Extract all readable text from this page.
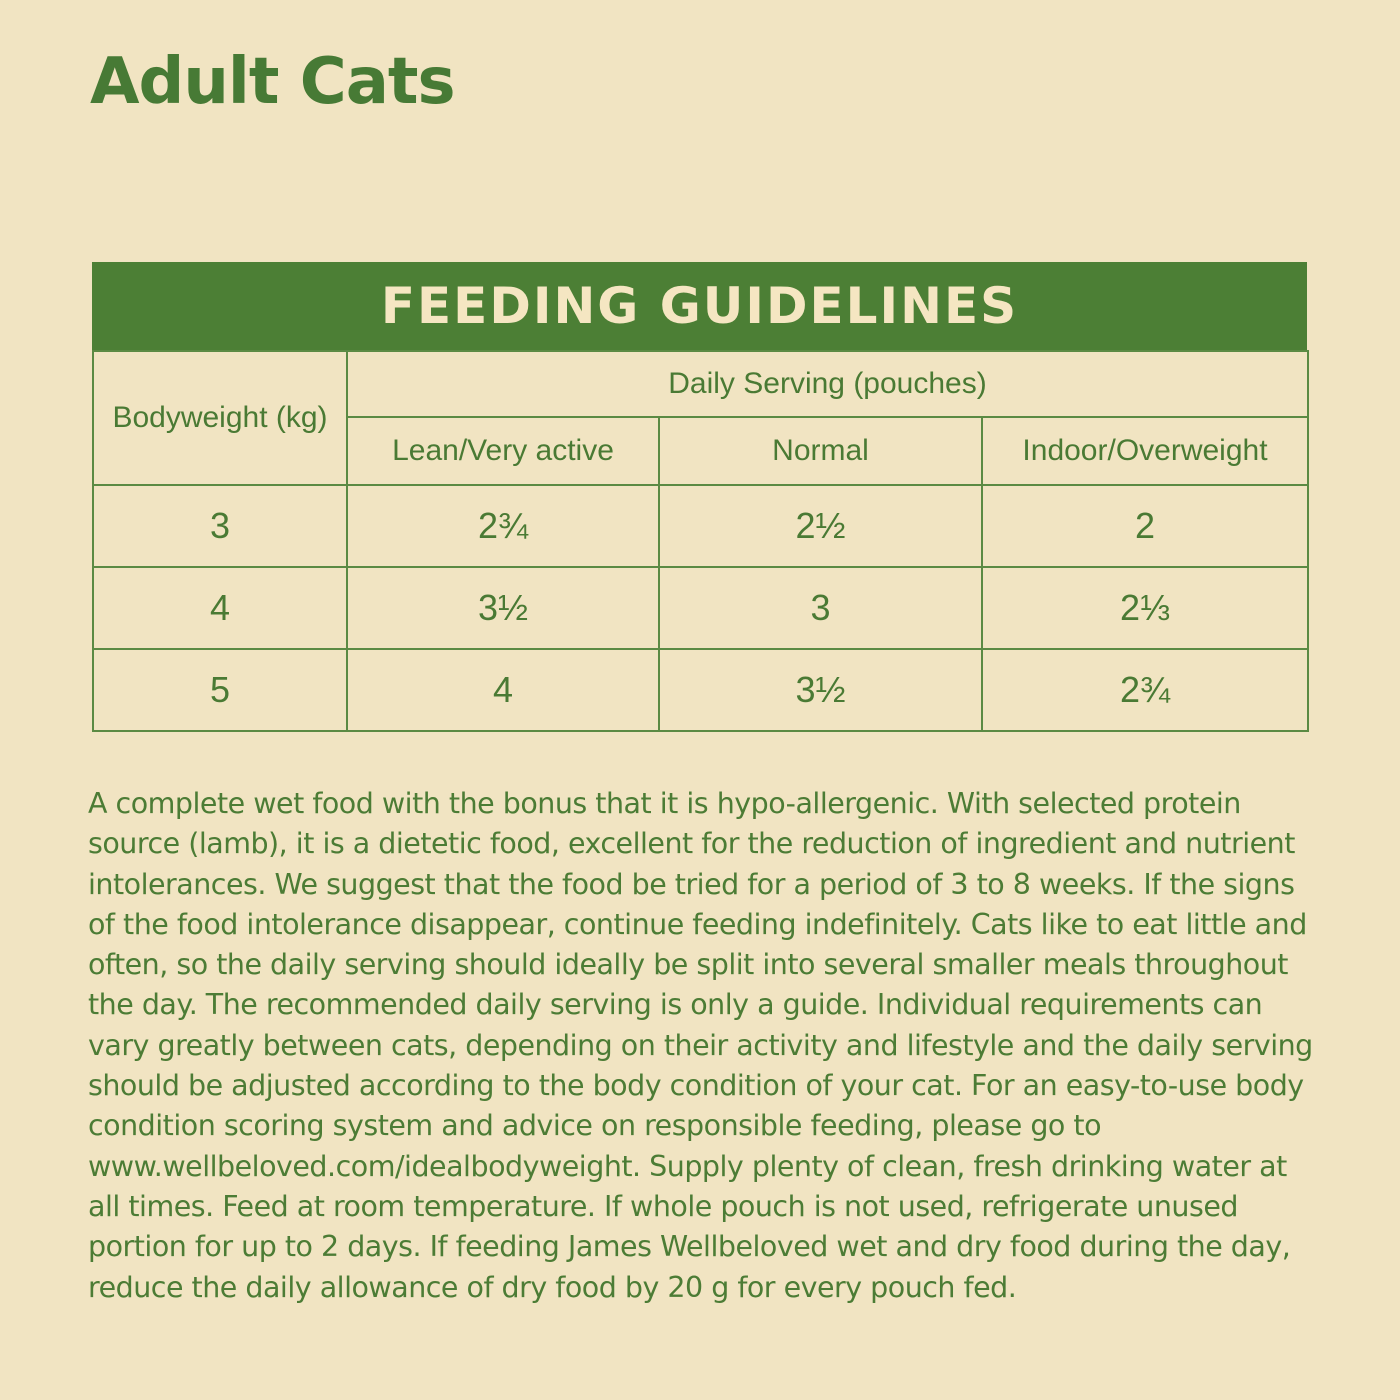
Adult Cats
FEEDING GUIDELINES
Bodyweight (kg)	Daily Serving (pouches)		
	Lean/Very active	Normal	Indoor/Overweight
3	2¾	2½	2
4	3½	3	2⅓
5	4	3½	2¾

A complete wet food with the bonus that it is hypo-allergenic. With selected protein source (lamb), it is a dietetic food, excellent for the reduction of ingredient and nutrient intolerances. We suggest that the food be tried for a period of 3 to 8 weeks. If the signs of the food intolerance disappear, continue feeding indefinitely. Cats like to eat little and often, so the daily serving should ideally be split into several smaller meals throughout the day. The recommended daily serving is only a guide. Individual requirements can vary greatly between cats, depending on their activity and lifestyle and the daily serving should be adjusted according to the body condition of your cat. For an easy-to-use body condition scoring system and advice on responsible feeding, please go to www.wellbeloved.com/idealbodyweight. Supply plenty of clean, fresh drinking water at all times. Feed at room temperature. If whole pouch is not used, refrigerate unused portion for up to 2 days. If feeding James Wellbeloved wet and dry food during the day, reduce the daily allowance of dry food by 20 g for every pouch fed.
